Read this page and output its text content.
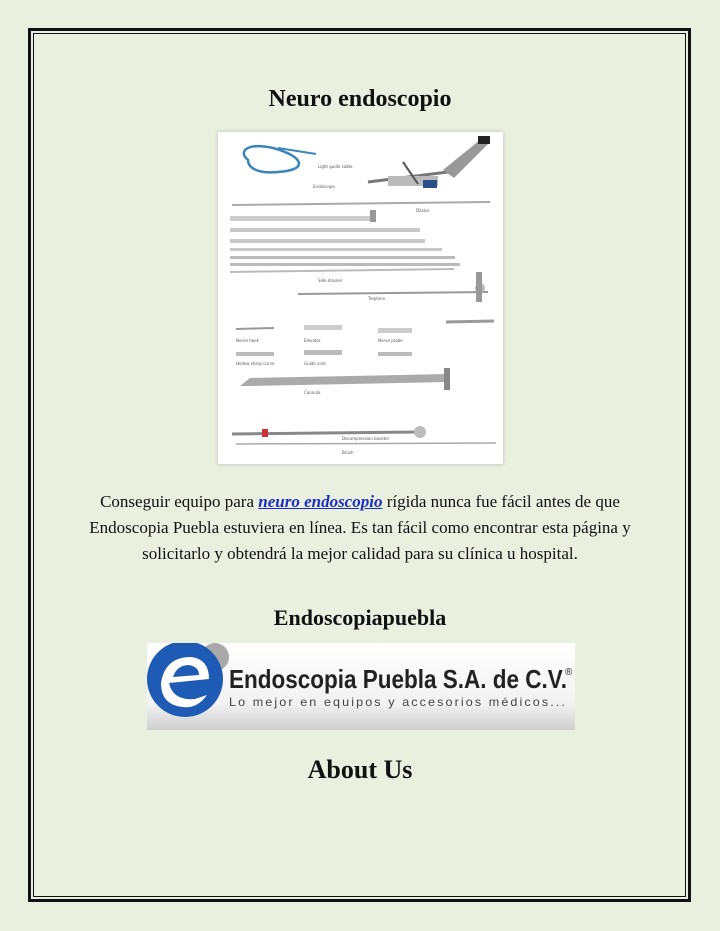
Neuro endoscopio
Light guide cable
Endoscope
Dilator
Side drainer
Trephine
Nerve hook	Elevator	Nerve probe
Hollow sharp curve	Guide core
Cannula
Decompression booster
Brush

Conseguir equipo para neuro endoscopio rígida nunca fue fácil antes de que Endoscopia Puebla estuviera en línea. Es tan fácil como encontrar esta página y solicitarlo y obtendrá la mejor calidad para su clínica u hospital.

Endoscopiapuebla
Endoscopia Puebla S.A. de C.V.
®
Lo mejor en equipos y accesorios médicos...
About Us
